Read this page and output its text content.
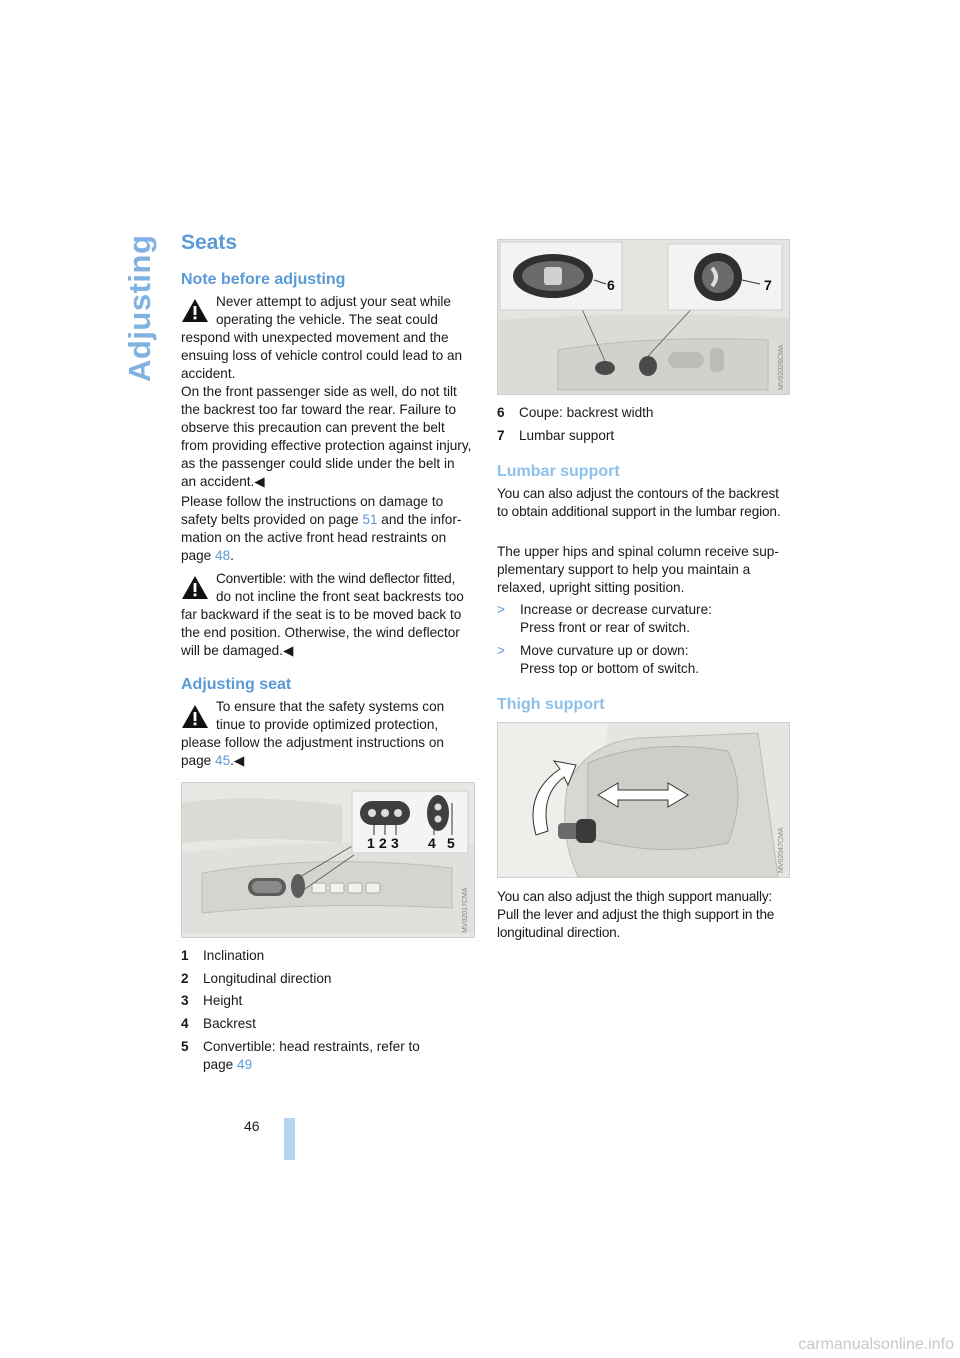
Adjusting Seats
Note before adjusting

Never attempt to adjust your seat while

operating the vehicle. The seat could

respond with unexpected movement and the ensuing loss of vehicle control could lead to an accident.

On the front passenger side as well, do not tilt the backrest too far toward the rear. Failure to observe this precaution can prevent the belt from providing effective protection against injury, as the passenger could slide under the belt in an accident.◀

Please follow the instructions on damage to safety belts provided on page 51 and the information on the active front head restraints on page 48.

Convertible: with the wind deflector fitted,

do not incline the front seat backrests too

far backward if the seat is to be moved back to the end position. Otherwise, the wind deflector will be damaged.◀

Adjusting seat

To ensure that the safety systems con

tinue to provide optimized protection,

please follow the adjustment instructions on page 45.◀

1 2 3 4 5
MV02017CMA
1 Inclination
2 Longitudinal direction
3 Height
4 Backrest
5 Convertible: head restraints, refer to
page 49
6	7
MV02026CMA
6 Coupe: backrest width
7 Lumbar support
Lumbar support

You can also adjust the contours of the backrest to obtain additional support in the lumbar region.

The upper hips and spinal column receive supplementary support to help you maintain a relaxed, upright sitting position.

>	Increase or decrease curvature:
Press front or rear of switch.
>	Move curvature up or down:
Press top or bottom of switch.
Thigh support
MV02047CMA

You can also adjust the thigh support manually: Pull the lever and adjust the thigh support in the longitudinal direction.

46
carmanualsonline.info
